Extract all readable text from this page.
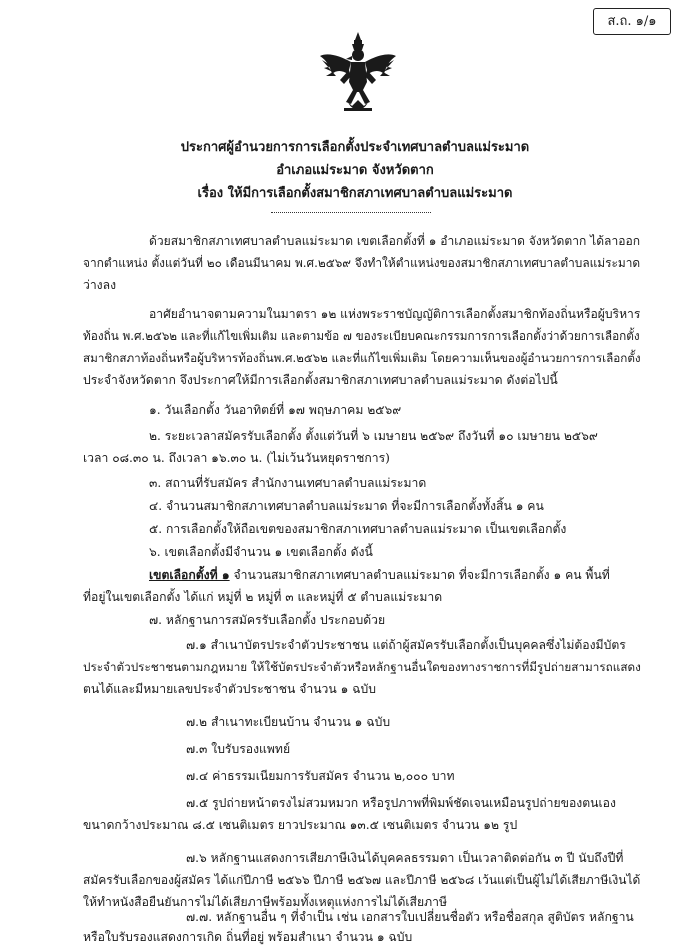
ส.ถ. ๑/๑
ประกาศผู้อำนวยการการเลือกตั้งประจำเทศบาลตำบลแม่ระมาด
อำเภอแม่ระมาด จังหวัดตาก
เรื่อง ให้มีการเลือกตั้งสมาชิกสภาเทศบาลตำบลแม่ระมาด
ด้วยสมาชิกสภาเทศบาลตำบลแม่ระมาด เขตเลือกตั้งที่ ๑ อำเภอแม่ระมาด จังหวัดตาก ได้ลาออก
จากตำแหน่ง ตั้งแต่วันที่ ๒๐ เดือนมีนาคม พ.ศ.๒๕๖๙ จึงทำให้ตำแหน่งของสมาชิกสภาเทศบาลตำบลแม่ระมาด
ว่างลง
อาศัยอำนาจตามความในมาตรา ๑๒ แห่งพระราชบัญญัติการเลือกตั้งสมาชิกท้องถิ่นหรือผู้บริหาร
ท้องถิ่น พ.ศ.๒๕๖๒ และที่แก้ไขเพิ่มเติม และตามข้อ ๗ ของระเบียบคณะกรรมการการเลือกตั้งว่าด้วยการเลือกตั้ง
สมาชิกสภาท้องถิ่นหรือผู้บริหารท้องถิ่นพ.ศ.๒๕๖๒ และที่แก้ไขเพิ่มเติม โดยความเห็นของผู้อำนวยการการเลือกตั้ง
ประจำจังหวัดตาก จึงประกาศให้มีการเลือกตั้งสมาชิกสภาเทศบาลตำบลแม่ระมาด ดังต่อไปนี้
๑. วันเลือกตั้ง วันอาทิตย์ที่ ๑๗ พฤษภาคม ๒๕๖๙
๒. ระยะเวลาสมัครรับเลือกตั้ง ตั้งแต่วันที่ ๖ เมษายน ๒๕๖๙ ถึงวันที่ ๑๐ เมษายน ๒๕๖๙
เวลา ๐๘.๓๐ น. ถึงเวลา ๑๖.๓๐ น. (ไม่เว้นวันหยุดราชการ)
๓. สถานที่รับสมัคร สำนักงานเทศบาลตำบลแม่ระมาด
๔. จำนวนสมาชิกสภาเทศบาลตำบลแม่ระมาด ที่จะมีการเลือกตั้งทั้งสิ้น ๑ คน
๕. การเลือกตั้งให้ถือเขตของสมาชิกสภาเทศบาลตำบลแม่ระมาด เป็นเขตเลือกตั้ง
๖. เขตเลือกตั้งมีจำนวน ๑ เขตเลือกตั้ง ดังนี้
เขตเลือกตั้งที่ ๑ จำนวนสมาชิกสภาเทศบาลตำบลแม่ระมาด ที่จะมีการเลือกตั้ง ๑ คน พื้นที่
ที่อยู่ในเขตเลือกตั้ง ได้แก่ หมู่ที่ ๒ หมู่ที่ ๓ และหมู่ที่ ๕ ตำบลแม่ระมาด
๗. หลักฐานการสมัครรับเลือกตั้ง ประกอบด้วย
๗.๑ สำเนาบัตรประจำตัวประชาชน แต่ถ้าผู้สมัครรับเลือกตั้งเป็นบุคคลซึ่งไม่ต้องมีบัตร
ประจำตัวประชาชนตามกฎหมาย ให้ใช้บัตรประจำตัวหรือหลักฐานอื่นใดของทางราชการที่มีรูปถ่ายสามารถแสดง
ตนได้และมีหมายเลขประจำตัวประชาชน จำนวน ๑ ฉบับ
๗.๒ สำเนาทะเบียนบ้าน จำนวน ๑ ฉบับ
๗.๓ ใบรับรองแพทย์
๗.๔ ค่าธรรมเนียมการรับสมัคร จำนวน ๒,๐๐๐ บาท
๗.๕ รูปถ่ายหน้าตรงไม่สวมหมวก หรือรูปภาพที่พิมพ์ชัดเจนเหมือนรูปถ่ายของตนเอง
ขนาดกว้างประมาณ ๘.๕ เซนติเมตร ยาวประมาณ ๑๓.๕ เซนติเมตร จำนวน ๑๒ รูป
๗.๖ หลักฐานแสดงการเสียภาษีเงินได้บุคคลธรรมดา เป็นเวลาติดต่อกัน ๓ ปี นับถึงปีที่
สมัครรับเลือกของผู้สมัคร ได้แก่ปีภาษี ๒๕๖๖ ปีภาษี ๒๕๖๗ และปีภาษี ๒๕๖๘ เว้นแต่เป็นผู้ไม่ได้เสียภาษีเงินได้
ให้ทำหนังสือยืนยันการไม่ได้เสียภาษีพร้อมทั้งเหตุแห่งการไม่ได้เสียภาษี
๗.๗. หลักฐานอื่น ๆ ที่จำเป็น เช่น เอกสารใบเปลี่ยนชื่อตัว หรือชื่อสกุล สูติบัตร หลักฐาน
หรือใบรับรองแสดงการเกิด ถิ่นที่อยู่ พร้อมสำเนา จำนวน ๑ ฉบับ
